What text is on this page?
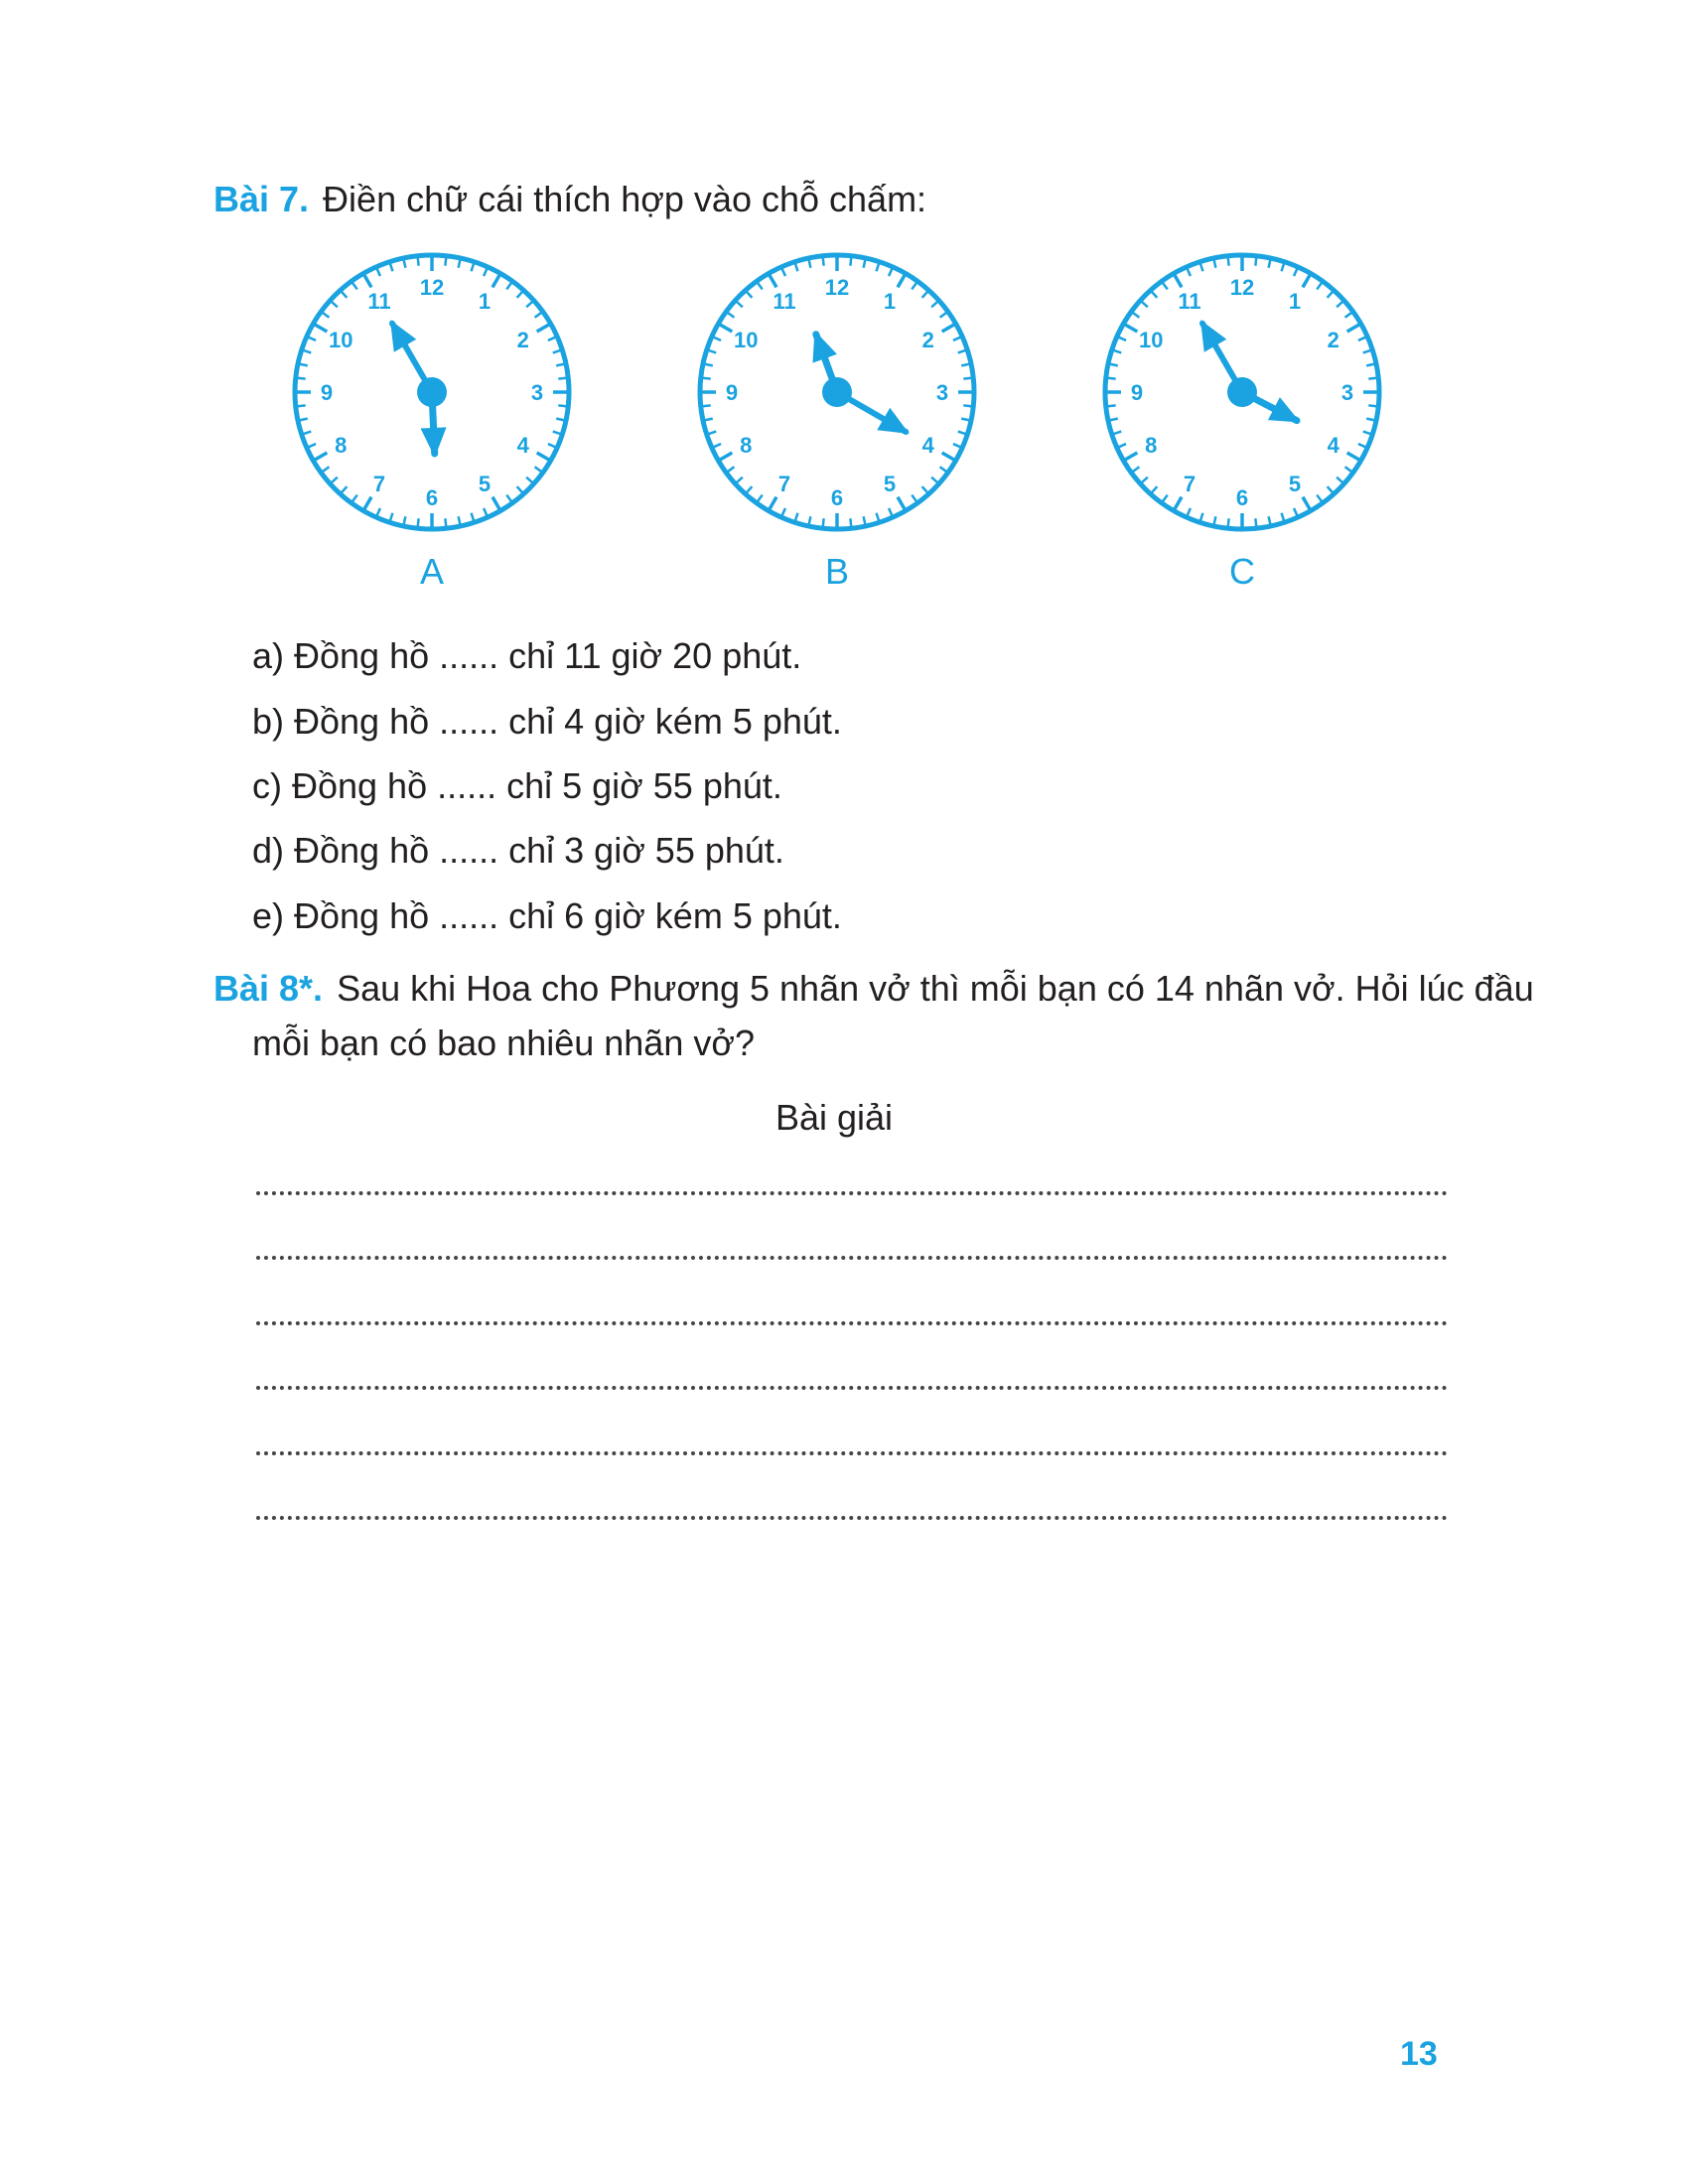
Bài 7. Điền chữ cái thích hợp vào chỗ chấm:
12
1
2
3
4
5
6
7
8
9
10
11
12
1
2
3
4
5
6
7
8
9
10
11
12
1
2
3
4
5
6
7
8
9
10
11
A	B	C
a) Đồng hồ ...... chỉ 11 giờ 20 phút.
b) Đồng hồ ...... chỉ 4 giờ kém 5 phút.
c) Đồng hồ ...... chỉ 5 giờ 55 phút.
d) Đồng hồ ...... chỉ 3 giờ 55 phút.
e) Đồng hồ ...... chỉ 6 giờ kém 5 phút.
Bài 8*. Sau khi Hoa cho Phương 5 nhãn vở thì mỗi bạn có 14 nhãn vở. Hỏi lúc đầu
mỗi bạn có bao nhiêu nhãn vở?
Bài giải
13
